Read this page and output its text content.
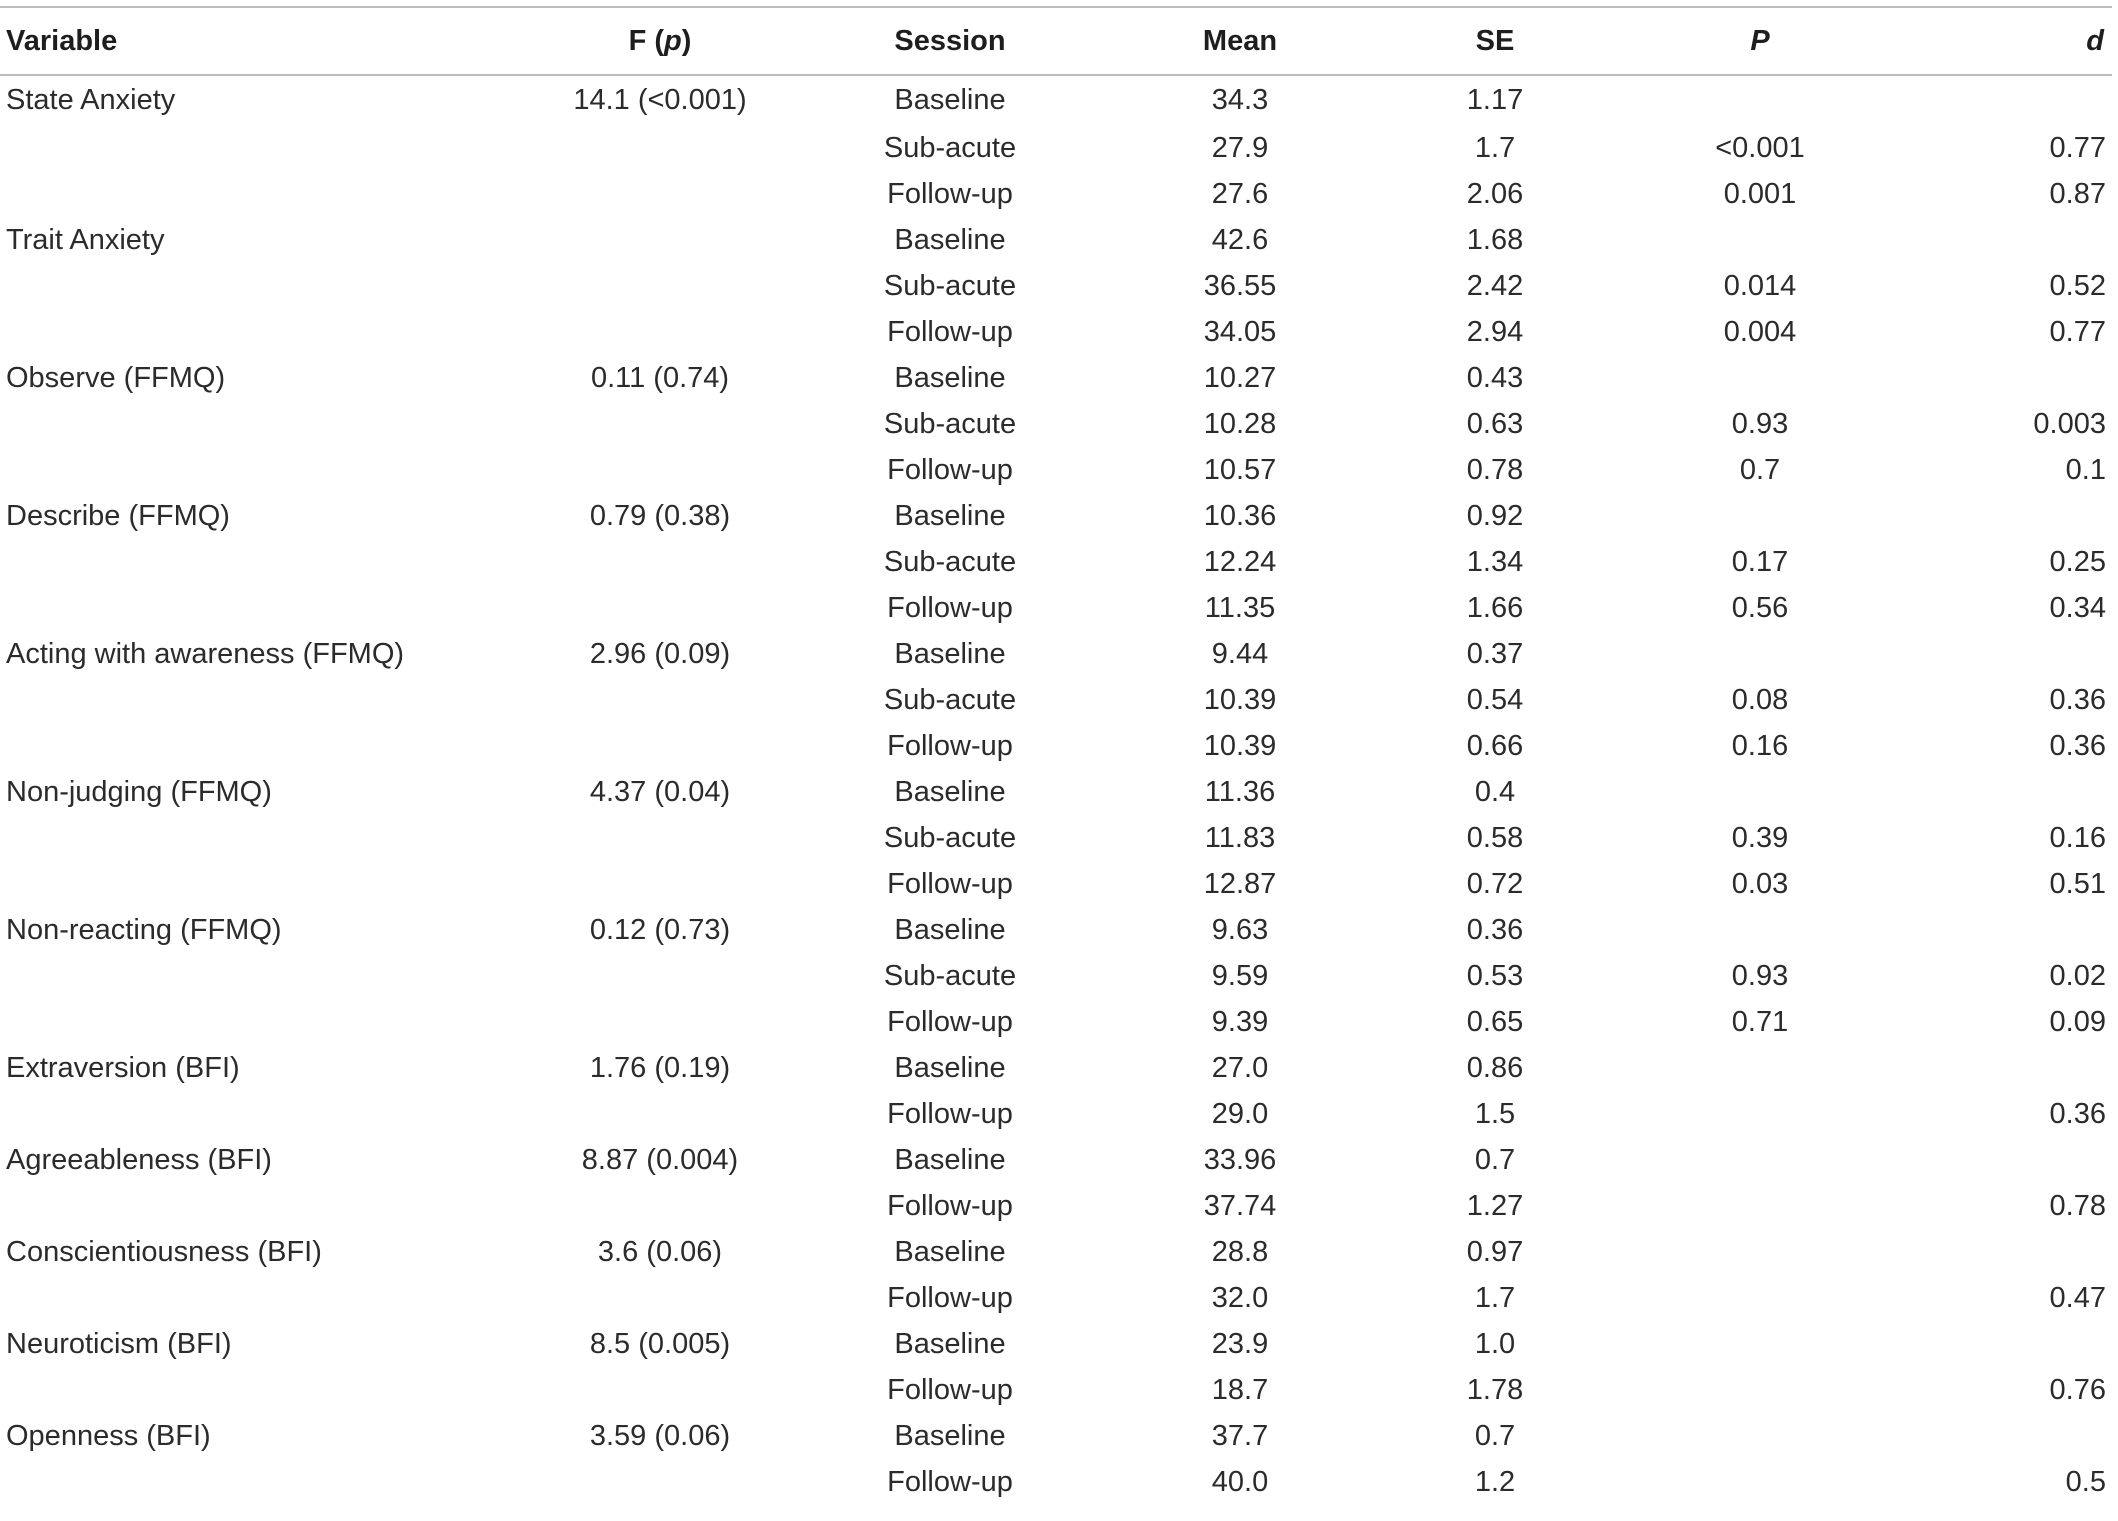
Variable	F (p)	Session	Mean	SE	P	d
State Anxiety	14.1 (<0.001)	Baseline	34.3	1.17		
		Sub-acute	27.9	1.7	<0.001	0.77
		Follow-up	27.6	2.06	0.001	0.87
Trait Anxiety		Baseline	42.6	1.68		
		Sub-acute	36.55	2.42	0.014	0.52
		Follow-up	34.05	2.94	0.004	0.77
Observe (FFMQ)	0.11 (0.74)	Baseline	10.27	0.43		
		Sub-acute	10.28	0.63	0.93	0.003
		Follow-up	10.57	0.78	0.7	0.1
Describe (FFMQ)	0.79 (0.38)	Baseline	10.36	0.92		
		Sub-acute	12.24	1.34	0.17	0.25
		Follow-up	11.35	1.66	0.56	0.34
Acting with awareness (FFMQ)	2.96 (0.09)	Baseline	9.44	0.37		
		Sub-acute	10.39	0.54	0.08	0.36
		Follow-up	10.39	0.66	0.16	0.36
Non-judging (FFMQ)	4.37 (0.04)	Baseline	11.36	0.4		
		Sub-acute	11.83	0.58	0.39	0.16
		Follow-up	12.87	0.72	0.03	0.51
Non-reacting (FFMQ)	0.12 (0.73)	Baseline	9.63	0.36		
		Sub-acute	9.59	0.53	0.93	0.02
		Follow-up	9.39	0.65	0.71	0.09
Extraversion (BFI)	1.76 (0.19)	Baseline	27.0	0.86		
		Follow-up	29.0	1.5		0.36
Agreeableness (BFI)	8.87 (0.004)	Baseline	33.96	0.7		
		Follow-up	37.74	1.27		0.78
Conscientiousness (BFI)	3.6 (0.06)	Baseline	28.8	0.97		
		Follow-up	32.0	1.7		0.47
Neuroticism (BFI)	8.5 (0.005)	Baseline	23.9	1.0		
		Follow-up	18.7	1.78		0.76
Openness (BFI)	3.59 (0.06)	Baseline	37.7	0.7		
		Follow-up	40.0	1.2		0.5
